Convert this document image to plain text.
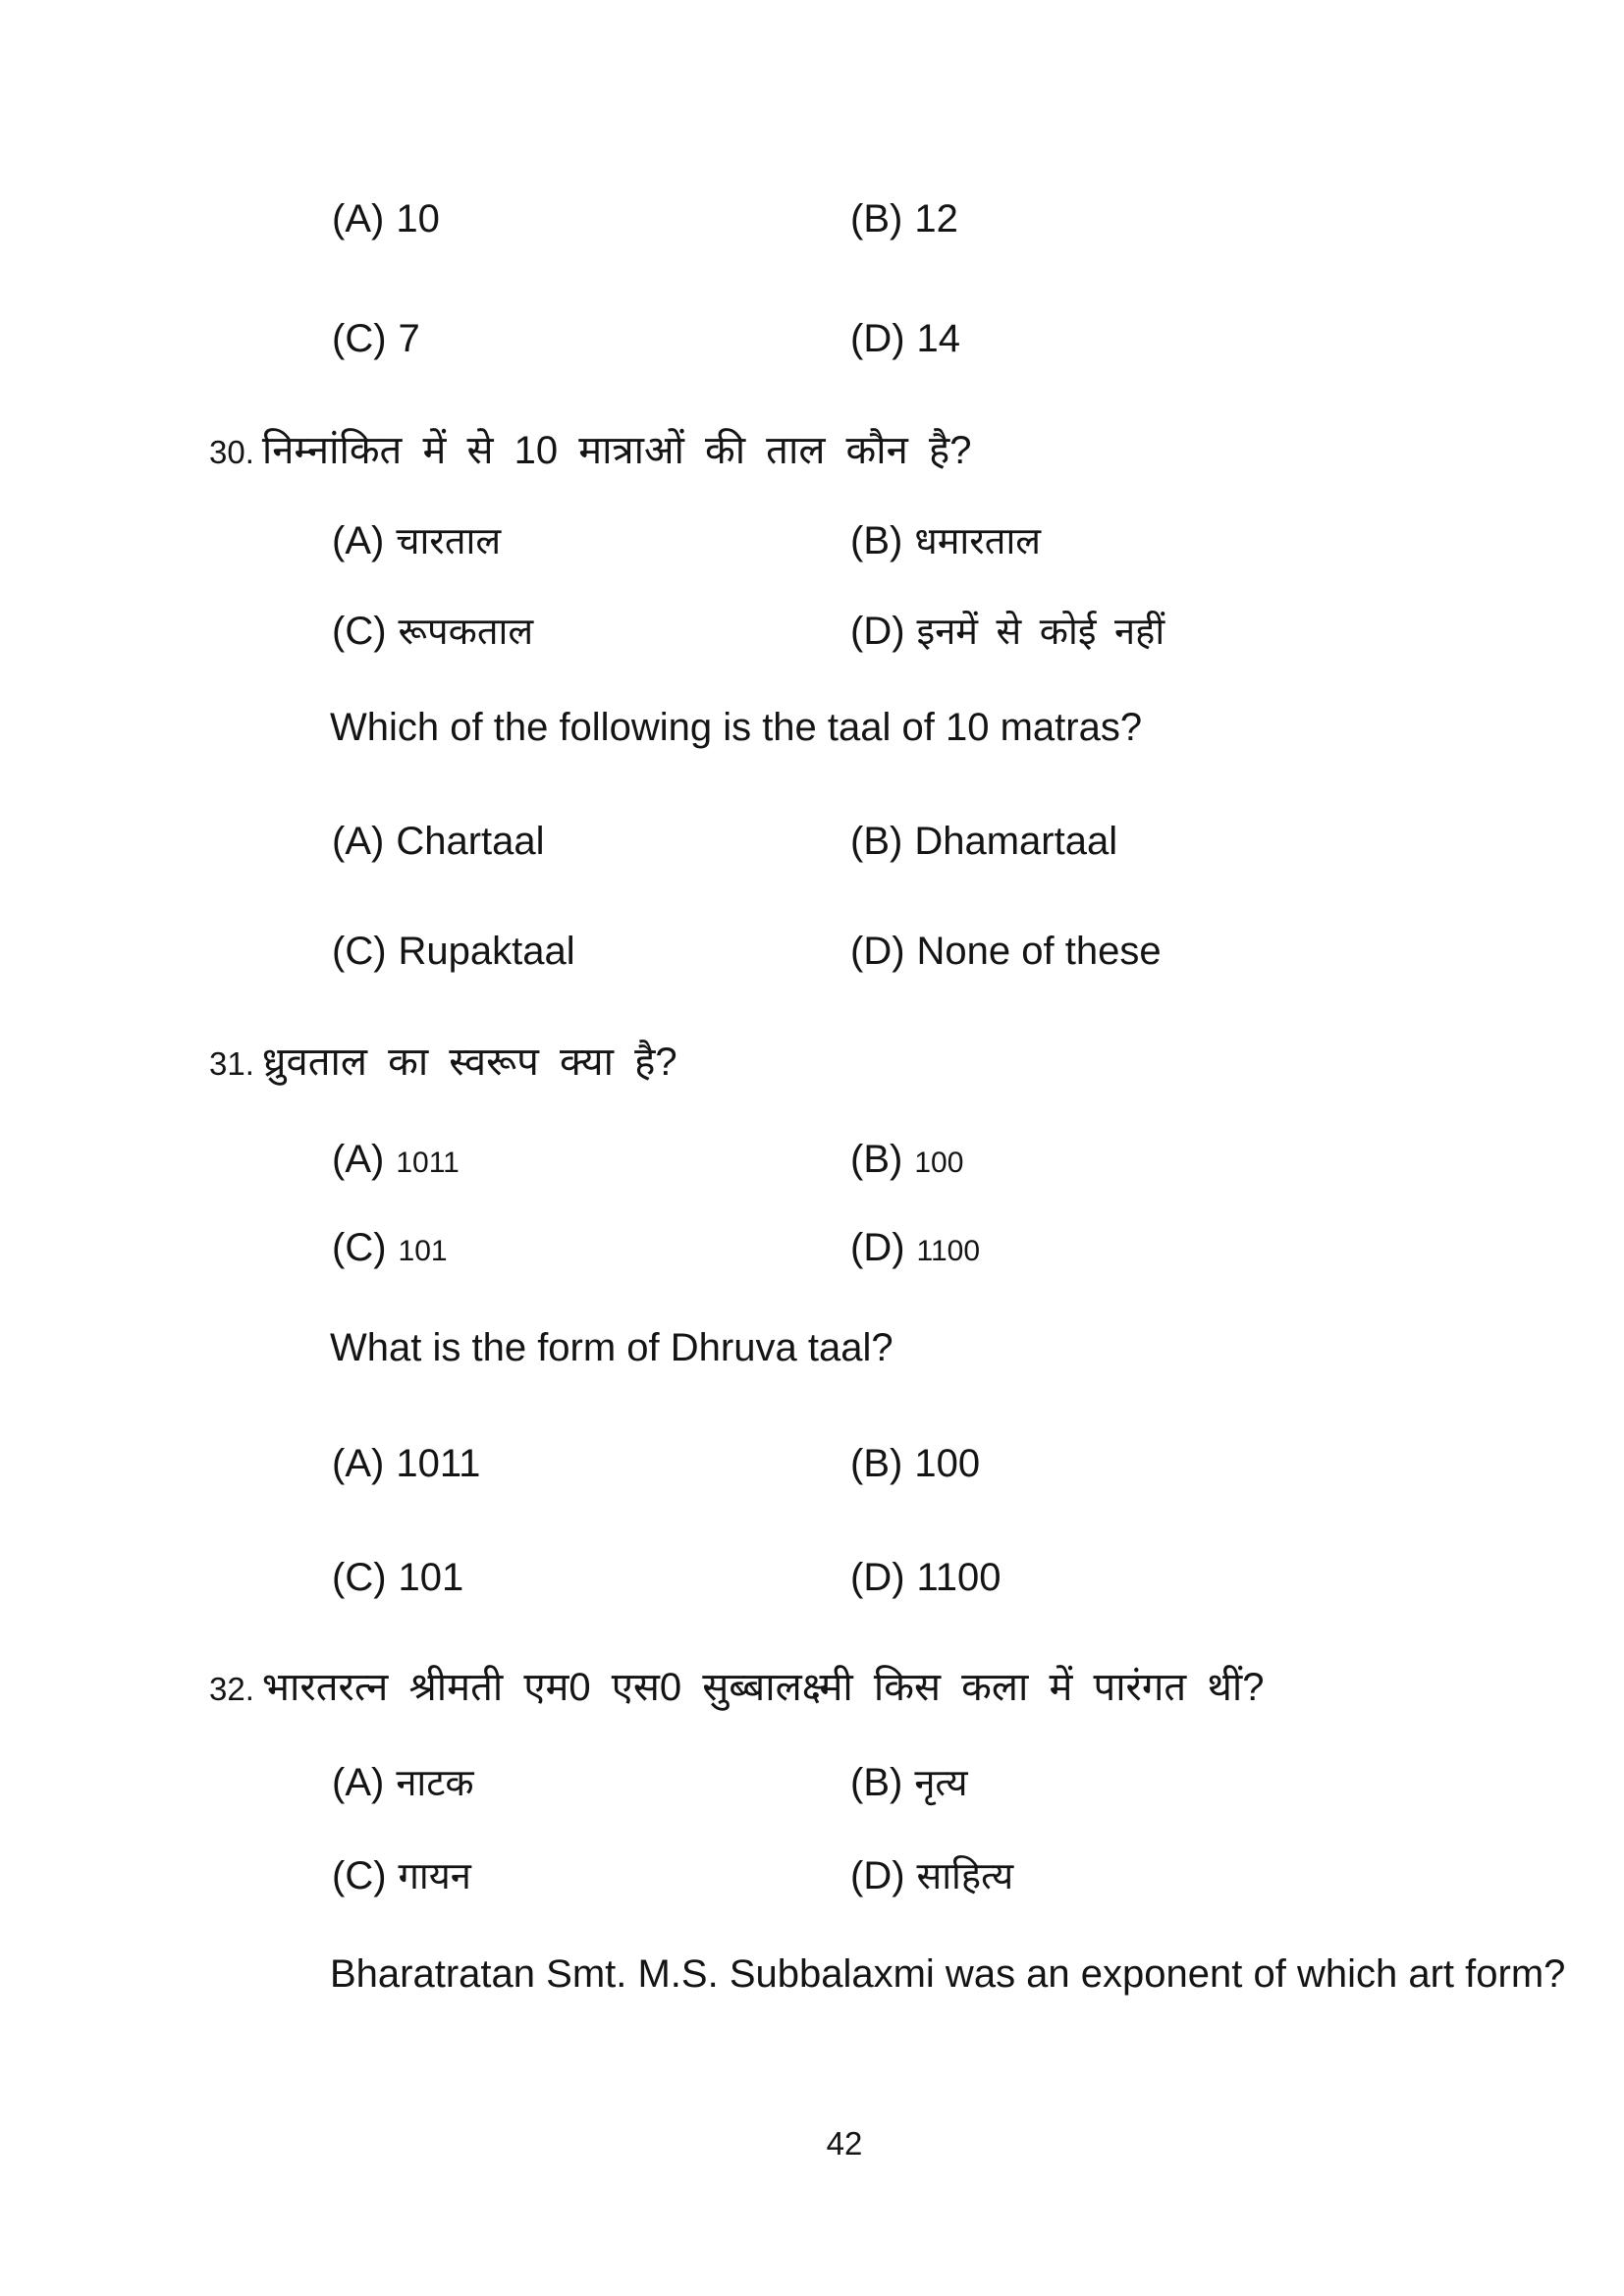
(A) 10	(B) 12
(C) 7	(D) 14
30. निम्नांकित में से 10 मात्राओं की ताल कौन है?
(A) चारताल	(B) धमारताल
(C) रूपकताल	(D) इनमें से कोई नहीं
Which of the following is the taal of 10 matras?
(A) Chartaal	(B) Dhamartaal
(C) Rupaktaal	(D) None of these
31. ध्रुवताल का स्वरूप क्या है?
(A) 1011	(B) 100
(C) 101	(D) 1100
What is the form of Dhruva taal?
(A) 1011	(B) 100
(C) 101	(D) 1100
32. भारतरत्न श्रीमती एम0 एस0 सुब्बालक्ष्मी किस कला में पारंगत थीं?
(A) नाटक	(B) नृत्य
(C) गायन	(D) साहित्य
Bharatratan Smt. M.S. Subbalaxmi was an exponent of which art form?
42
